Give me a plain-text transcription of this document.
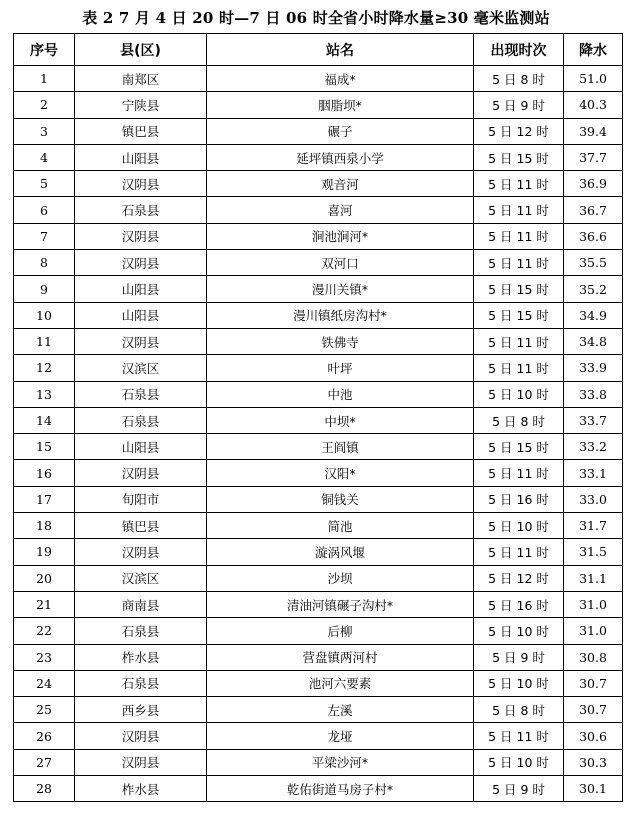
表 2 7 月 4 日 20 时—7 日 06 时全省小时降水量≥30 毫米监测站
序号	县(区)	站名	出现时次	降水
1	南郑区	福成*	5 日 8 时	51.0
2	宁陕县	胭脂坝*	5 日 9 时	40.3
3	镇巴县	碾子	5 日 12 时	39.4
4	山阳县	延坪镇西泉小学	5 日 15 时	37.7
5	汉阴县	观音河	5 日 11 时	36.9
6	石泉县	喜河	5 日 11 时	36.7
7	汉阴县	涧池涧河*	5 日 11 时	36.6
8	汉阴县	双河口	5 日 11 时	35.5
9	山阳县	漫川关镇*	5 日 15 时	35.2
10	山阳县	漫川镇纸房沟村*	5 日 15 时	34.9
11	汉阴县	铁佛寺	5 日 11 时	34.8
12	汉滨区	叶坪	5 日 11 时	33.9
13	石泉县	中池	5 日 10 时	33.8
14	石泉县	中坝*	5 日 8 时	33.7
15	山阳县	王阎镇	5 日 15 时	33.2
16	汉阴县	汉阳*	5 日 11 时	33.1
17	旬阳市	铜钱关	5 日 16 时	33.0
18	镇巴县	简池	5 日 10 时	31.7
19	汉阴县	漩涡风堰	5 日 11 时	31.5
20	汉滨区	沙坝	5 日 12 时	31.1
21	商南县	清油河镇碾子沟村*	5 日 16 时	31.0
22	石泉县	后柳	5 日 10 时	31.0
23	柞水县	营盘镇两河村	5 日 9 时	30.8
24	石泉县	池河六要素	5 日 10 时	30.7
25	西乡县	左溪	5 日 8 时	30.7
26	汉阴县	龙垭	5 日 11 时	30.6
27	汉阴县	平梁沙河*	5 日 10 时	30.3
28	柞水县	乾佑街道马房子村*	5 日 9 时	30.1
